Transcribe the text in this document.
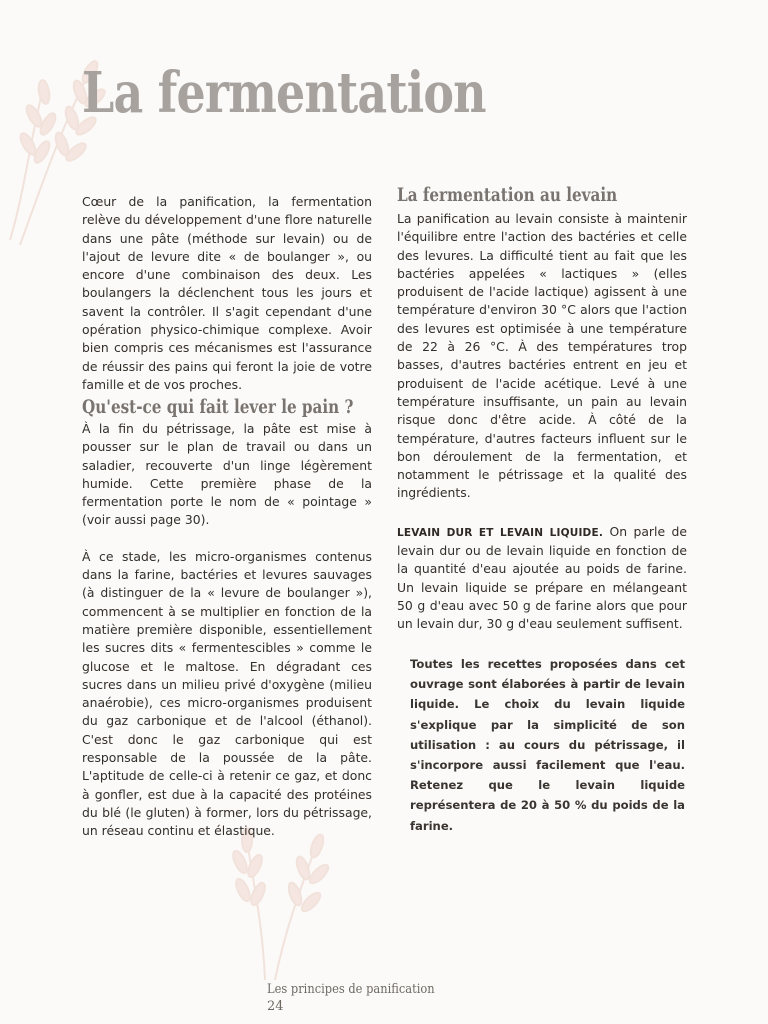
La fermentation

Cœur de la panification, la fermentation relève du développement d'une flore naturelle dans une pâte (méthode sur levain) ou de l'ajout de levure dite « de boulanger », ou encore d'une combinaison des deux. Les boulangers la déclenchent tous les jours et savent la contrôler. Il s'agit cependant d'une opération physico-chimique complexe. Avoir bien compris ces mécanismes est l'assurance de réussir des pains qui feront la joie de votre famille et de vos proches.

Qu'est-ce qui fait lever le pain ?

À la fin du pétrissage, la pâte est mise à pousser sur le plan de travail ou dans un saladier, recouverte d'un linge légèrement humide. Cette première phase de la fermentation porte le nom de « pointage » (voir aussi page 30).

À ce stade, les micro-organismes contenus dans la farine, bactéries et levures sauvages (à distinguer de la « levure de boulanger »), commencent à se multiplier en fonction de la matière première disponible, essentiellement les sucres dits « fermentescibles » comme le glucose et le maltose. En dégradant ces sucres dans un milieu privé d'oxygène (milieu anaérobie), ces micro-organismes produisent du gaz carbonique et de l'alcool (éthanol). C'est donc le gaz carbonique qui est responsable de la poussée de la pâte. L'aptitude de celle-ci à retenir ce gaz, et donc à gonfler, est due à la capacité des protéines du blé (le gluten) à former, lors du pétrissage, un réseau continu et élastique.

La fermentation au levain

La panification au levain consiste à maintenir l'équilibre entre l'action des bactéries et celle des levures. La difficulté tient au fait que les bactéries appelées « lactiques » (elles produisent de l'acide lactique) agissent à une température d'environ 30 °C alors que l'action des levures est optimisée à une température de 22 à 26 °C. À des températures trop basses, d'autres bactéries entrent en jeu et produisent de l'acide acétique. Levé à une température insuffisante, un pain au levain risque donc d'être acide. À côté de la température, d'autres facteurs influent sur le bon déroulement de la fermentation, et notamment le pétrissage et la qualité des ingrédients.

LEVAIN DUR ET LEVAIN LIQUIDE. On parle de levain dur ou de levain liquide en fonction de la quantité d'eau ajoutée au poids de farine. Un levain liquide se prépare en mélangeant 50 g d'eau avec 50 g de farine alors que pour un levain dur, 30 g d'eau seulement suffisent.

Toutes les recettes proposées dans cet ouvrage sont élaborées à partir de levain liquide. Le choix du levain liquide s'explique par la simplicité de son utilisation : au cours du pétrissage, il s'incorpore aussi facilement que l'eau. Retenez que le levain liquide représentera de 20 à 50 % du poids de la farine.
Les principes de panification
24
